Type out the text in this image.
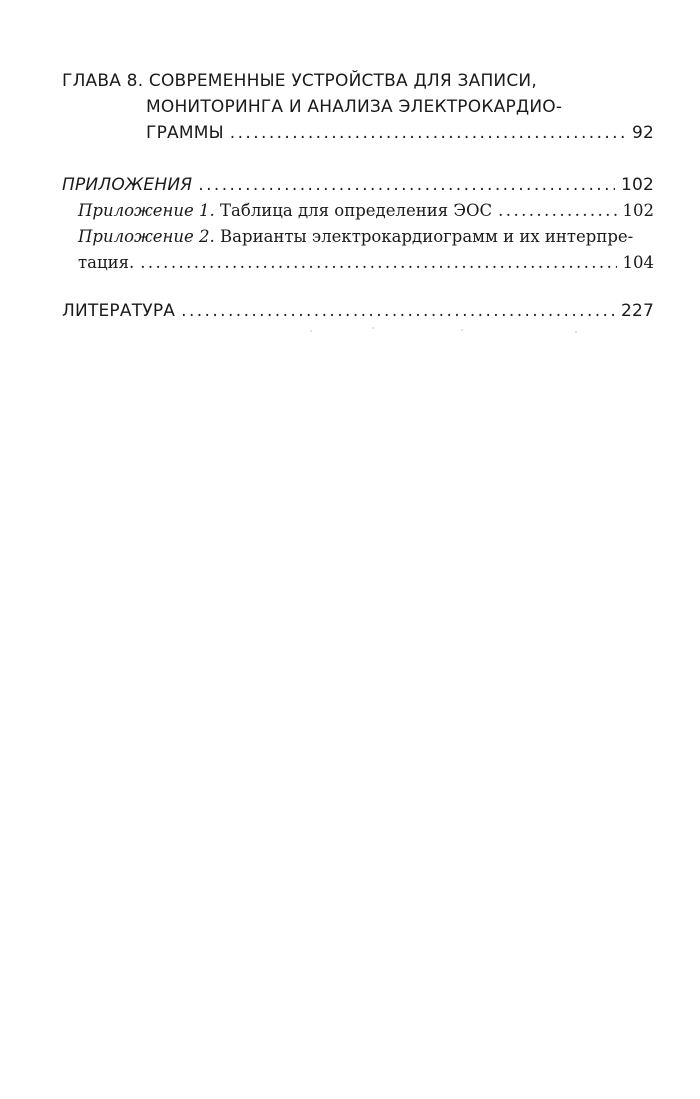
ГЛАВА 8. СОВРЕМЕННЫЕ УСТРОЙСТВА ДЛЯ ЗАПИСИ,
МОНИТОРИНГА И АНАЛИЗА ЭЛЕКТРОКАРДИО-
ГРАММЫ .....	92
ПРИЛОЖЕНИЯ .....	102
Приложение 1.
Таблица для определения ЭОС .....	102
Приложение 2.
Варианты электрокардиограмм и их интерпре-
тация. .....	104
ЛИТЕРАТУРА .....	227
